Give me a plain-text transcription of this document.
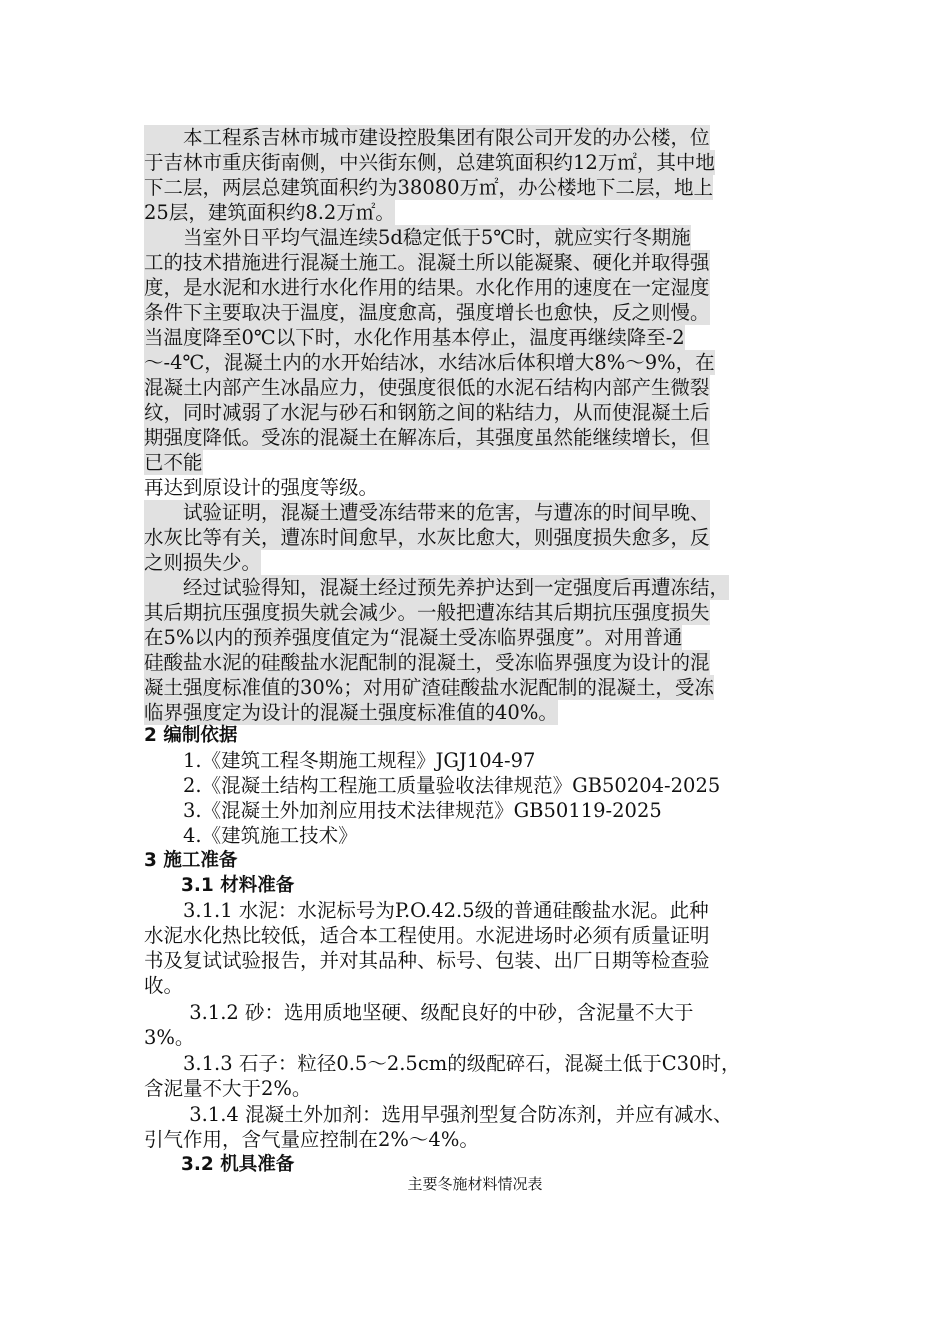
　　本工程系吉林市城市建设控股集团有限公司开发的办公楼，位
于吉林市重庆街南侧，中兴街东侧，总建筑面积约12万㎡，其中地
下二层，两层总建筑面积约为38080万㎡，办公楼地下二层，地上
25层，建筑面积约8.2万㎡。
　　当室外日平均气温连续5d稳定低于5℃时，就应实行冬期施
工的技术措施进行混凝土施工。混凝土所以能凝聚、硬化并取得强
度，是水泥和水进行水化作用的结果。水化作用的速度在一定湿度
条件下主要取决于温度，温度愈高，强度增长也愈快，反之则慢。
当温度降至0℃以下时，水化作用基本停止，温度再继续降至-2
～-4℃，混凝土内的水开始结冰，水结冰后体积增大8%～9%，在
混凝土内部产生冰晶应力，使强度很低的水泥石结构内部产生微裂
纹，同时减弱了水泥与砂石和钢筋之间的粘结力，从而使混凝土后
期强度降低。受冻的混凝土在解冻后，其强度虽然能继续增长，但
已不能
再达到原设计的强度等级。
　　试验证明，混凝土遭受冻结带来的危害，与遭冻的时间早晚、
水灰比等有关，遭冻时间愈早，水灰比愈大，则强度损失愈多，反
之则损失少。
　　经过试验得知，混凝土经过预先养护达到一定强度后再遭冻结，
其后期抗压强度损失就会减少。一般把遭冻结其后期抗压强度损失
在5%以内的预养强度值定为“混凝土受冻临界强度”。对用普通
硅酸盐水泥的硅酸盐水泥配制的混凝土，受冻临界强度为设计的混
凝土强度标准值的30%；对用矿渣硅酸盐水泥配制的混凝土，受冻
临界强度定为设计的混凝土强度标准值的40%。
2 编制依据
　　1.《建筑工程冬期施工规程》JGJ104-97
　　2.《混凝土结构工程施工质量验收法律规范》GB50204-2025
　　3.《混凝土外加剂应用技术法律规范》GB50119-2025
　　4.《建筑施工技术》
3 施工准备
　　3.1 材料准备
　　3.1.1 水泥：水泥标号为P.O.42.5级的普通硅酸盐水泥。此种
水泥水化热比较低，适合本工程使用。水泥进场时必须有质量证明
书及复试试验报告，并对其品种、标号、包装、出厂日期等检查验
收。
　　 3.1.2 砂：选用质地坚硬、级配良好的中砂，含泥量不大于
3%。
　　3.1.3 石子：粒径0.5～2.5cm的级配碎石，混凝土低于C30时，
含泥量不大于2%。
　　 3.1.4 混凝土外加剂：选用早强剂型复合防冻剂，并应有减水、
引气作用，含气量应控制在2%～4%。
　　3.2 机具准备
主要冬施材料情况表
